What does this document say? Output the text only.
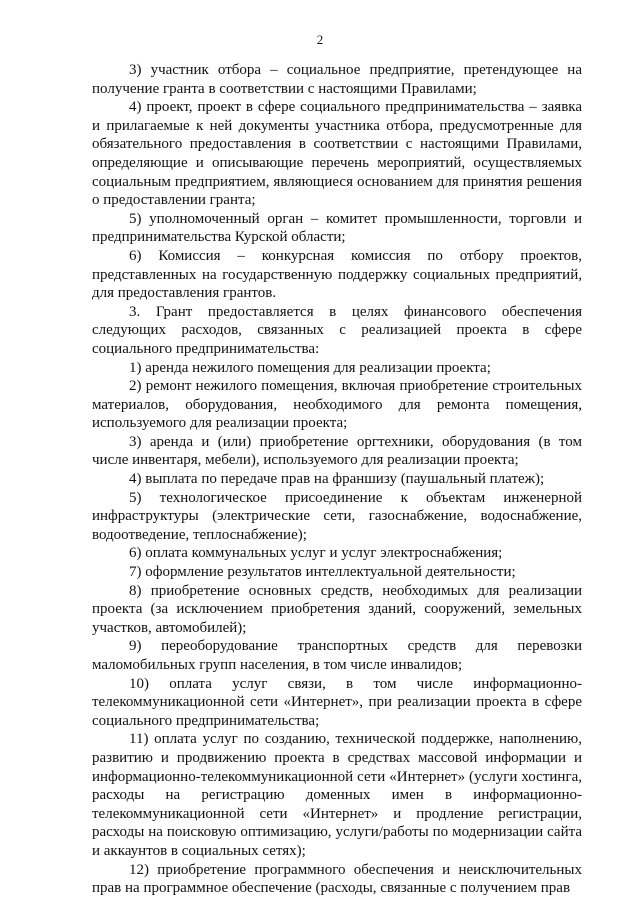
2

3) участник отбора – социальное предприятие, претендующее на получение гранта в соответствии с настоящими Правилами;

4) проект, проект в сфере социального предпринимательства – заявка и прилагаемые к ней документы участника отбора, предусмотренные для обязательного предоставления в соответствии с настоящими Правилами, определяющие и описывающие перечень мероприятий, осуществляемых социальным предприятием, являющиеся основанием для принятия решения о предоставлении гранта;

5) уполномоченный орган – комитет промышленности, торговли и предпринимательства Курской области;

6) Комиссия – конкурсная комиссия по отбору проектов, представленных на государственную поддержку социальных предприятий, для предоставления грантов.

3. Грант предоставляется в целях финансового обеспечения следующих расходов, связанных с реализацией проекта в сфере социального предпринимательства:

1) аренда нежилого помещения для реализации проекта;

2) ремонт нежилого помещения, включая приобретение строительных материалов, оборудования, необходимого для ремонта помещения, используемого для реализации проекта;

3) аренда и (или) приобретение оргтехники, оборудования (в том числе инвентаря, мебели), используемого для реализации проекта;

4) выплата по передаче прав на франшизу (паушальный платеж);

5) технологическое присоединение к объектам инженерной инфраструктуры (электрические сети, газоснабжение, водоснабжение, водоотведение, теплоснабжение);

6) оплата коммунальных услуг и услуг электроснабжения;

7) оформление результатов интеллектуальной деятельности;

8) приобретение основных средств, необходимых для реализации проекта (за исключением приобретения зданий, сооружений, земельных участков, автомобилей);

9) переоборудование транспортных средств для перевозки маломобильных групп населения, в том числе инвалидов;

10) оплата услуг связи, в том числе информационно-телекоммуникационной сети «Интернет», при реализации проекта в сфере социального предпринимательства;

11) оплата услуг по созданию, технической поддержке, наполнению, развитию и продвижению проекта в средствах массовой информации и информационно-телекоммуникационной сети «Интернет» (услуги хостинга, расходы на регистрацию доменных имен в информационно-телекоммуникационной сети «Интернет» и продление регистрации, расходы на поисковую оптимизацию, услуги/работы по модернизации сайта и аккаунтов в социальных сетях);

12) приобретение программного обеспечения и неисключительных прав на программное обеспечение (расходы, связанные с получением прав
